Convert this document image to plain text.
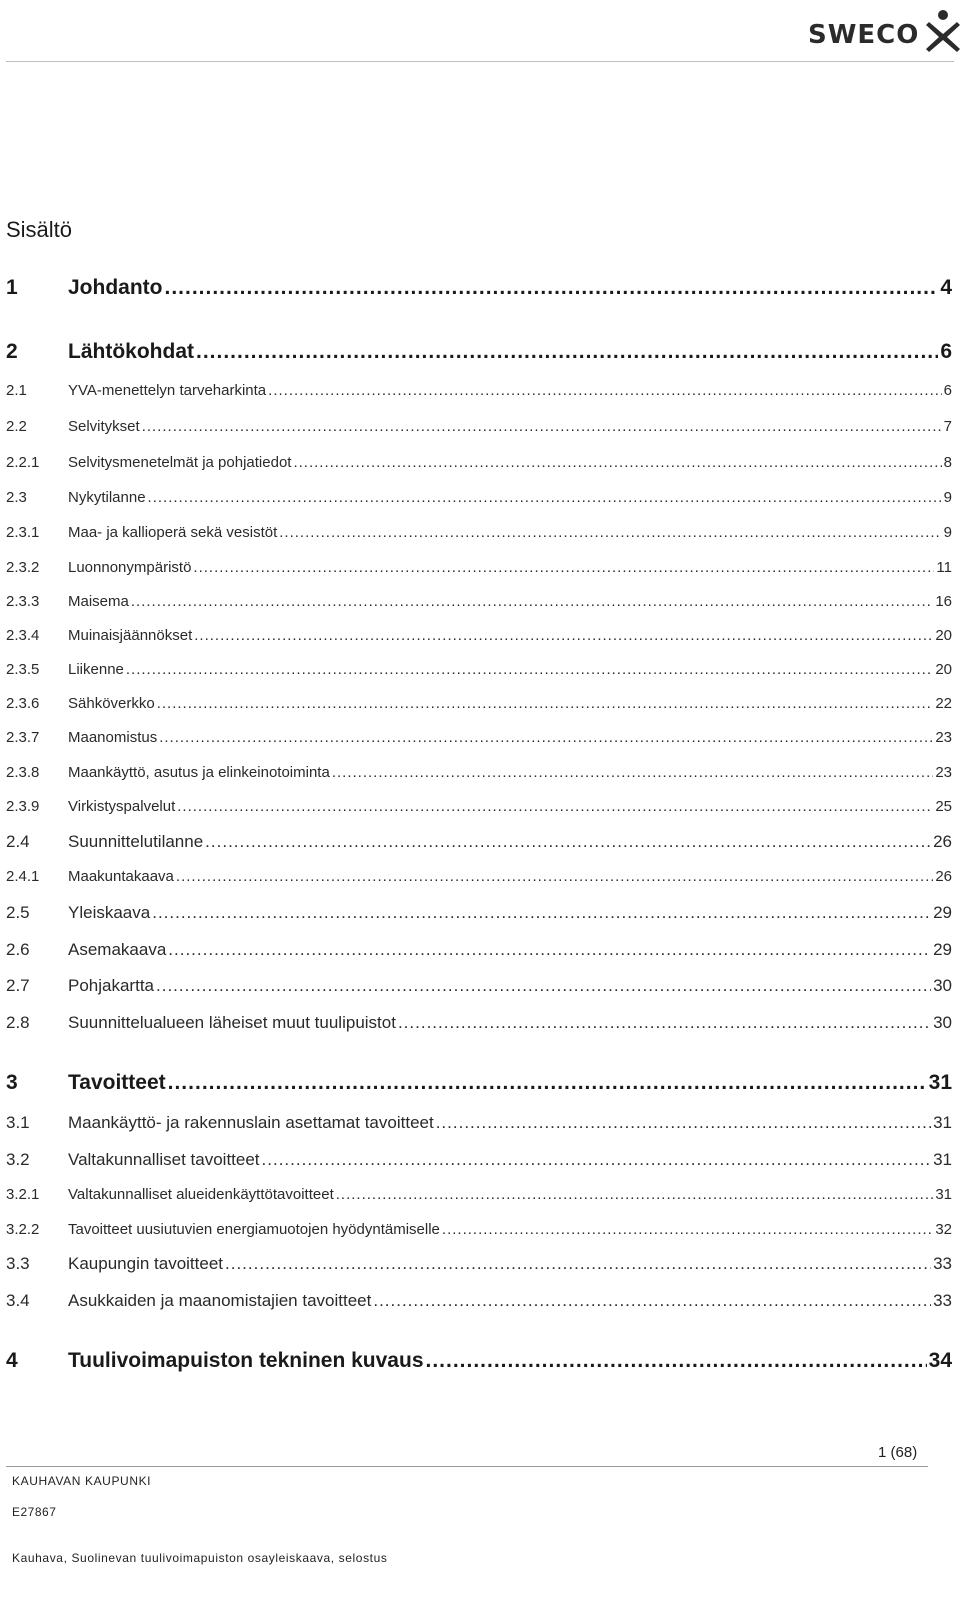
SWECO
Sisältö
1	Johdanto .....	4
2	Lähtökohdat .....	6
2.1	YVA-menettelyn tarveharkinta .....	6
2.2	Selvitykset .....	7
2.2.1	Selvitysmenetelmät ja pohjatiedot .....	8
2.3	Nykytilanne .....	9
2.3.1	Maa- ja kallioperä sekä vesistöt .....	9
2.3.2	Luonnonympäristö .....	11
2.3.3	Maisema .....	16
2.3.4	Muinaisjäännökset .....	20
2.3.5	Liikenne .....	20
2.3.6	Sähköverkko .....	22
2.3.7	Maanomistus .....	23
2.3.8	Maankäyttö, asutus ja elinkeinotoiminta .....	23
2.3.9	Virkistyspalvelut .....	25
2.4	Suunnittelutilanne .....	26
2.4.1	Maakuntakaava .....	26
2.5	Yleiskaava .....	29
2.6	Asemakaava .....	29
2.7	Pohjakartta .....	30
2.8	Suunnittelualueen läheiset muut tuulipuistot .....	30
3	Tavoitteet .....	31
3.1	Maankäyttö- ja rakennuslain asettamat tavoitteet .....	31
3.2	Valtakunnalliset tavoitteet .....	31
3.2.1	Valtakunnalliset alueidenkäyttötavoitteet .....	31
3.2.2	Tavoitteet uusiutuvien energiamuotojen hyödyntämiselle .....	32
3.3	Kaupungin tavoitteet .....	33
3.4	Asukkaiden ja maanomistajien tavoitteet .....	33
4	Tuulivoimapuiston tekninen kuvaus .....	34
1 (68)
KAUHAVAN KAUPUNKI
E27867
Kauhava, Suolinevan tuulivoimapuiston osayleiskaava, selostus
